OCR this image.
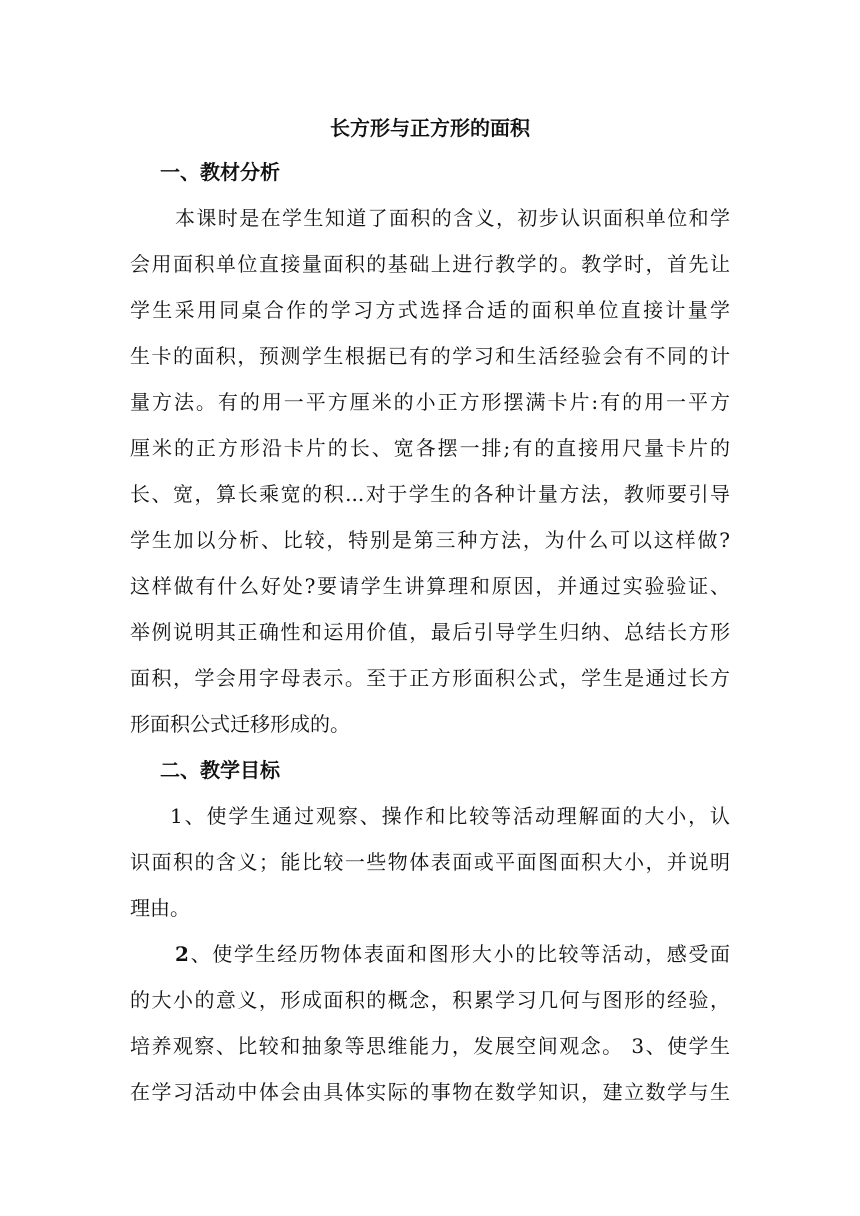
长方形与正方形的面积
一、教材分析
本课时是在学生知道了面积的含义，初步认识面积单位和学
会用面积单位直接量面积的基础上进行教学的。教学时，首先让
学生采用同桌合作的学习方式选择合适的面积单位直接计量学
生卡的面积，预测学生根据已有的学习和生活经验会有不同的计
量方法。有的用一平方厘米的小正方形摆满卡片:有的用一平方
厘米的正方形沿卡片的长、宽各摆一排;有的直接用尺量卡片的
长、宽，算长乘宽的积...对于学生的各种计量方法，教师要引导
学生加以分析、比较，特别是第三种方法，为什么可以这样做?
这样做有什么好处?要请学生讲算理和原因，并通过实验验证、
举例说明其正确性和运用价值，最后引导学生归纳、总结长方形
面积，学会用字母表示。至于正方形面积公式，学生是通过长方
形面积公式迁移形成的。
二、教学目标
1、使学生通过观察、操作和比较等活动理解面的大小，认
识面积的含义；能比较一些物体表面或平面图面积大小，并说明
理由。
2、使学生经历物体表面和图形大小的比较等活动，感受面
的大小的意义，形成面积的概念，积累学习几何与图形的经验，
培养观察、比较和抽象等思维能力，发展空间观念。 3、使学生
在学习活动中体会由具体实际的事物在数学知识，建立数学与生
